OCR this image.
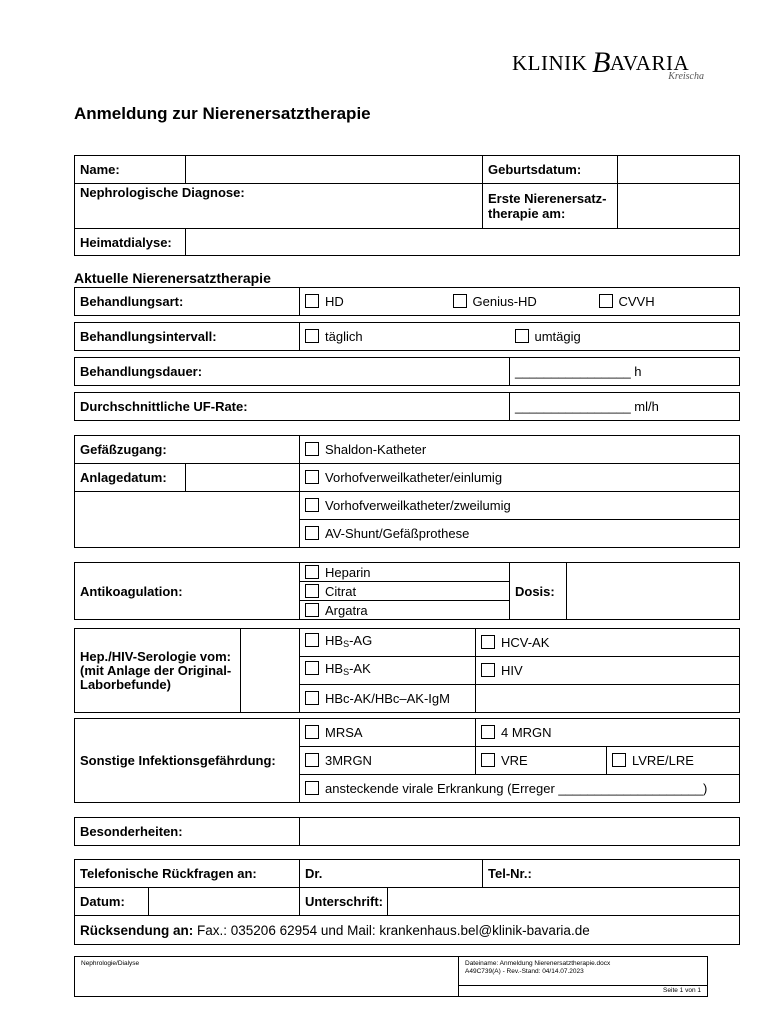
KLINIK BAVARIA
Kreischa
Anmeldung zur Nierenersatztherapie
Name:		Geburtsdatum:	
Nephrologische Diagnose:		Erste Nierenersatz-therapie am:	

Heimatdialyse:			
Aktuelle Nierenersatztherapie
Behandlungsart:	HD	Genius-HD	CVVH
Behandlungsintervall:	täglich	umtägig
Behandlungsdauer:	________________ h
Durchschnittliche UF-Rate:	________________ ml/h
Gefäßzugang:		Shaldon-Katheter
Anlagedatum:		Vorhofverweilkatheter/einlumig
		Vorhofverweilkatheter/zweilumig
		AV-Shunt/Gefäßprothese
Antikoagulation:	Heparin	Dosis:	
Citrat
Argatra
Hep./HIV-Serologie vom: (mit Anlage der Original-Laborbefunde)		$HB_S-AG$	HCV-AK
		$HB_S-AK$	HIV
		HBc-AK/HBc–AK-IgM	
Sonstige Infektionsgefährdung:	MRSA	4 MRGN	
	3MRGN	VRE	LVRE/LRE
	ansteckende virale Erkrankung (Erreger ____________________)		
Besonderheiten:	
Telefonische Rückfragen an:		Dr.		Tel-Nr.:
Datum:		Unterschrift:		
Rücksendung an: Fax.: 035206 62954 und Mail: krankenhaus.bel@klinik-bavaria.de				
Nephrologie/Dialyse	Dateiname: Anmeldung Nierenersatztherapie.docx
A49C739(A) - Rev.-Stand: 04/14.07.2023
Seite 1 von 1
